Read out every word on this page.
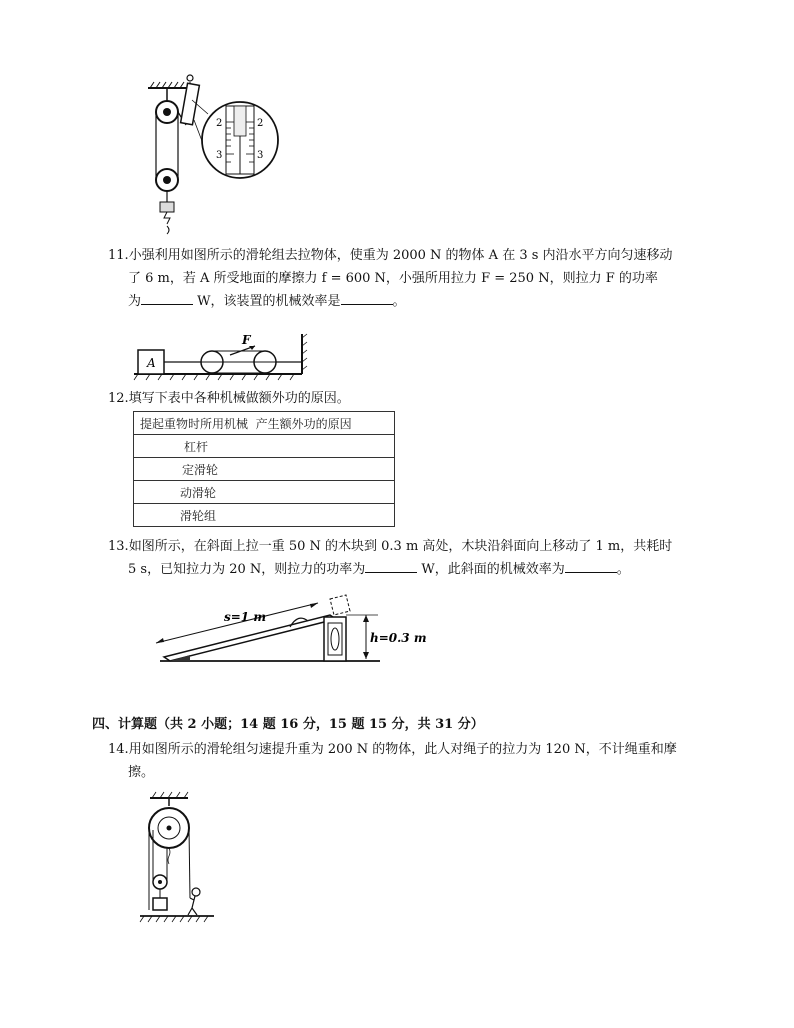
2	2
3	3
11.小强利用如图所示的滑轮组去拉物体，使重为 2000 N 的物体 A 在 3 s 内沿水平方向匀速移动
了 6 m，若 A 所受地面的摩擦力 f = 600 N，小强所用拉力 F = 250 N，则拉力 F 的功率
为	W，该装置的机械效率是	。
A
F
12.填写下表中各种机械做额外功的原因。
提起重物时所用机械 产生额外功的原因
杠杆
定滑轮
动滑轮
滑轮组
13.如图所示，在斜面上拉一重 50 N 的木块到 0.3 m 高处，木块沿斜面向上移动了 1 m，共耗时
5 s，已知拉力为 20 N，则拉力的功率为	W，此斜面的机械效率为	。
s=1 m
h=0.3 m
四、计算题（共 2 小题；14 题 16 分，15 题 15 分，共 31 分）
14.用如图所示的滑轮组匀速提升重为 200 N 的物体，此人对绳子的拉力为 120 N，不计绳重和摩
擦。
